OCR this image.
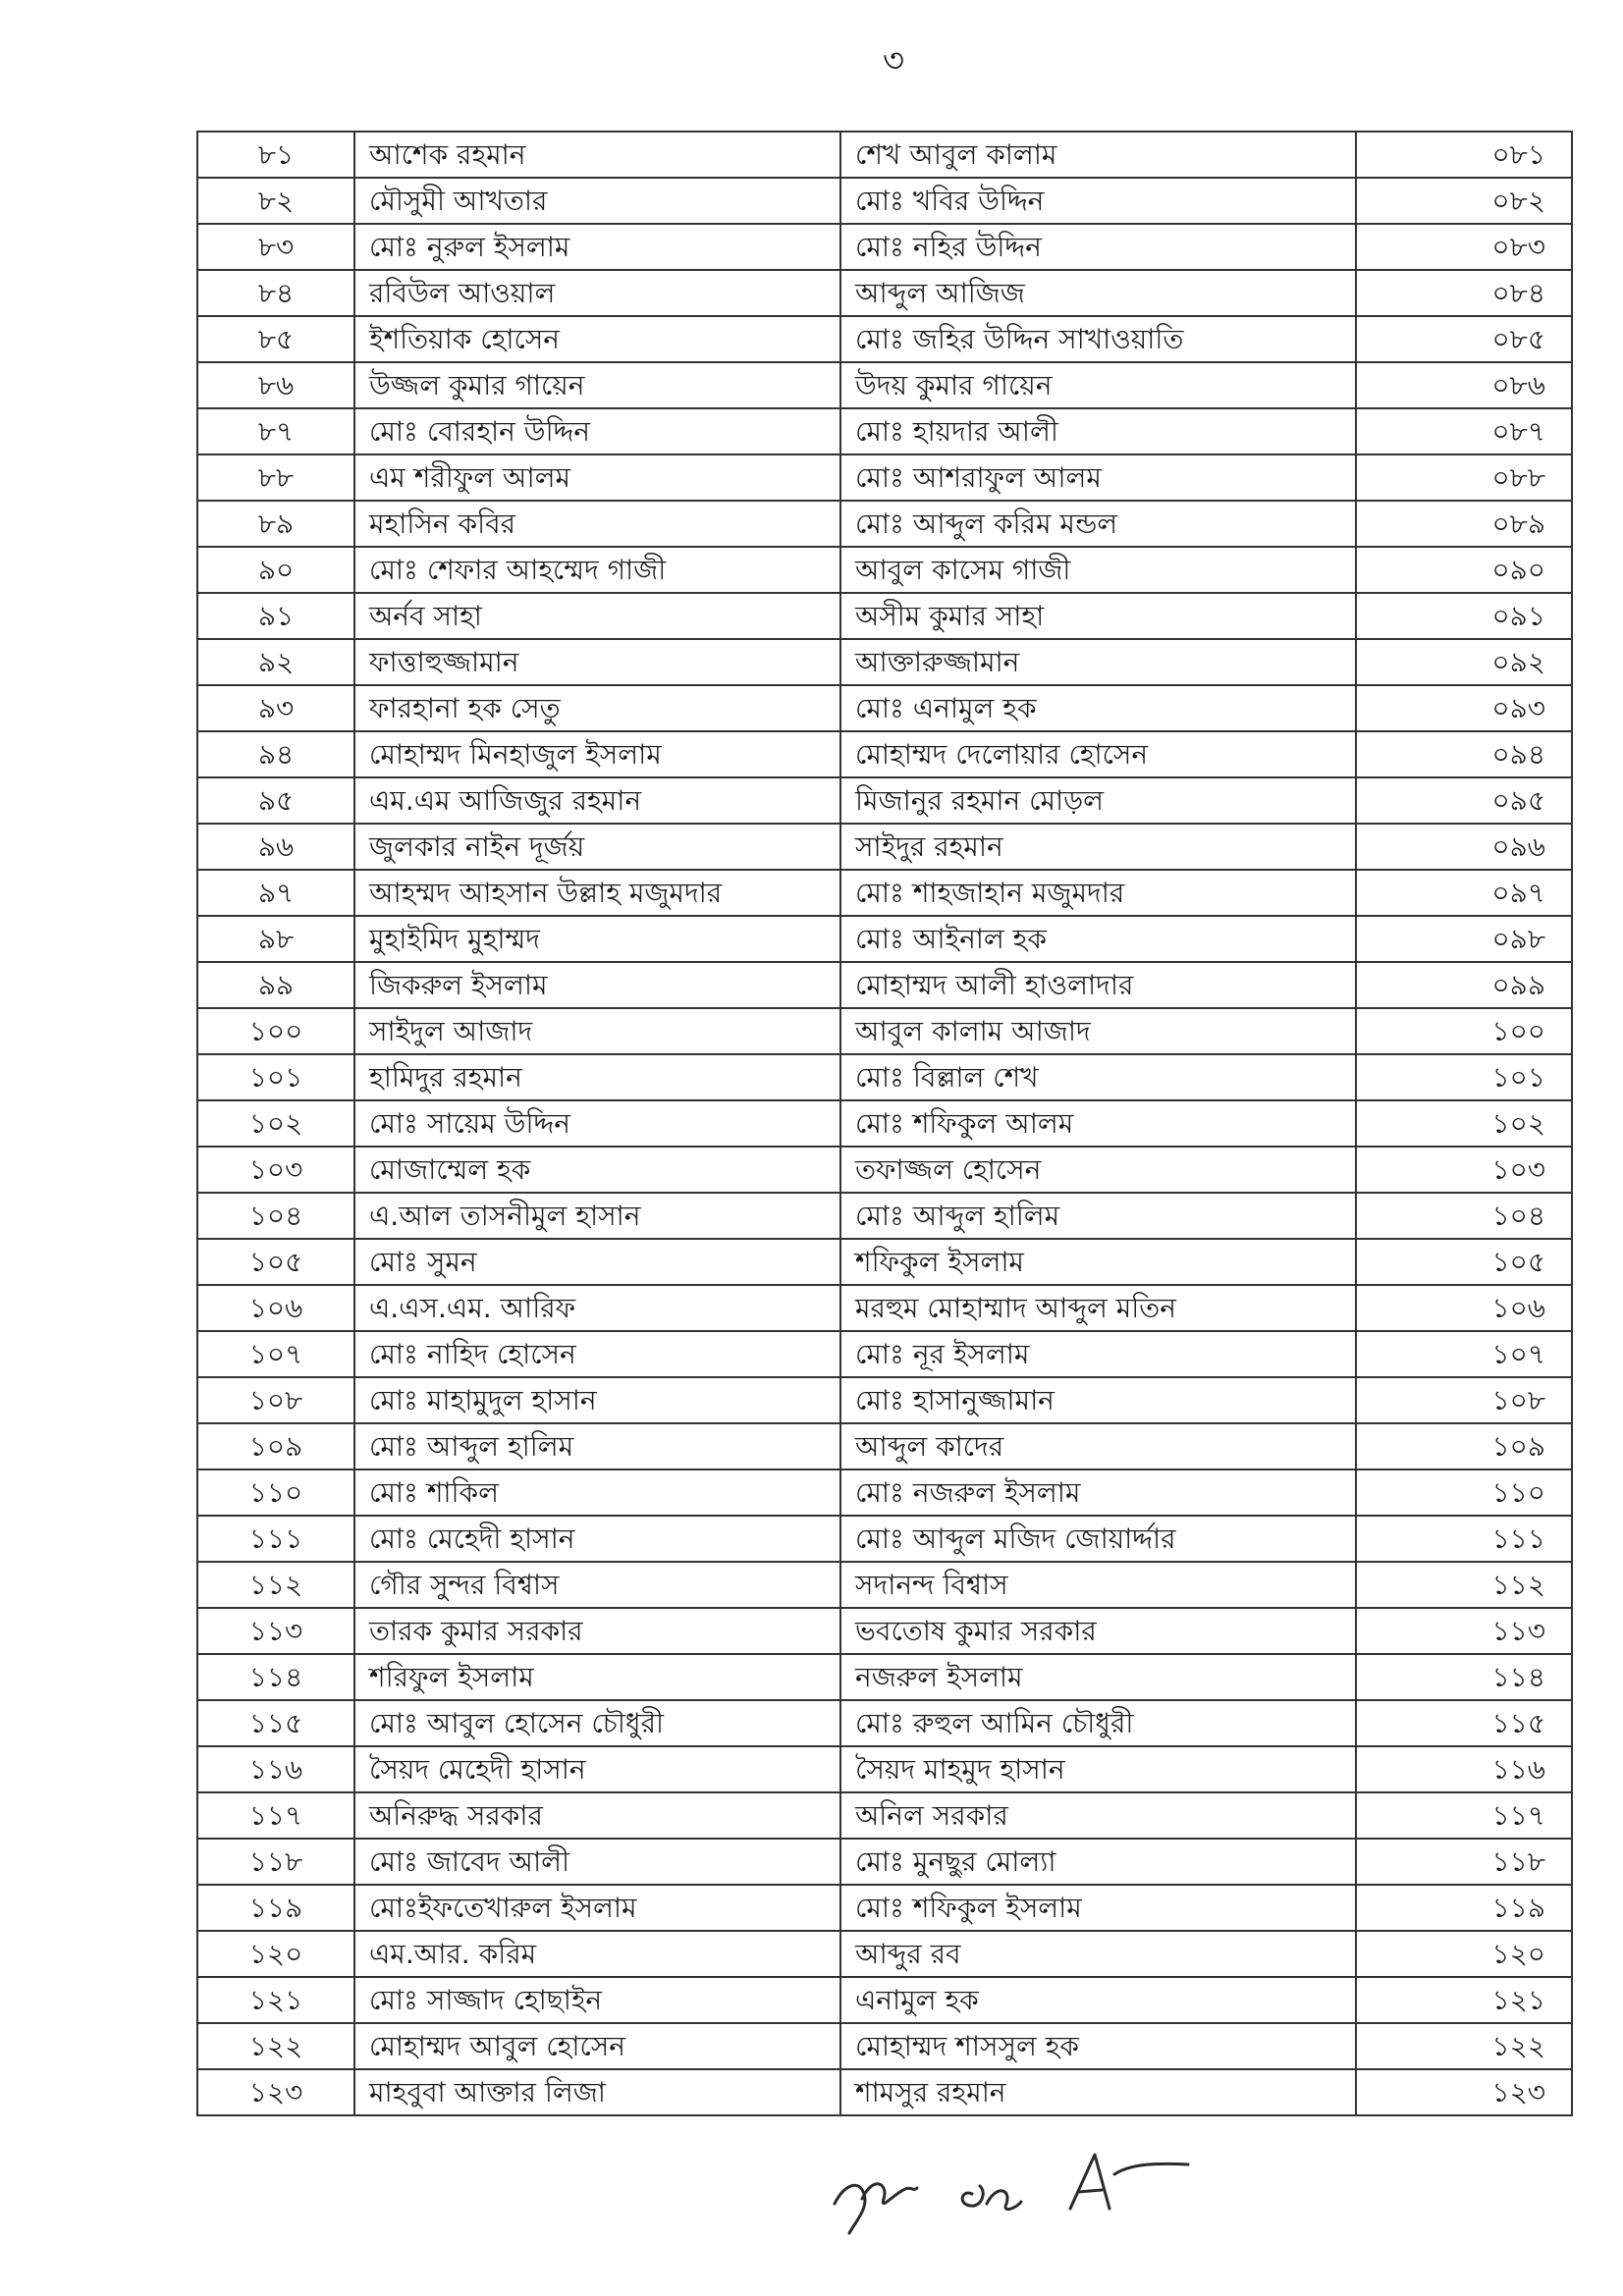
৩
৮১	আশেক রহমান	শেখ আবুল কালাম	০৮১
৮২	মৌসুমী আখতার	মোঃ খবির উদ্দিন	০৮২
৮৩	মোঃ নুরুল ইসলাম	মোঃ নহির উদ্দিন	০৮৩
৮৪	রবিউল আওয়াল	আব্দুল আজিজ	০৮৪
৮৫	ইশতিয়াক হোসেন	মোঃ জহির উদ্দিন সাখাওয়াতি	০৮৫
৮৬	উজ্জল কুমার গায়েন	উদয় কুমার গায়েন	০৮৬
৮৭	মোঃ বোরহান উদ্দিন	মোঃ হায়দার আলী	০৮৭
৮৮	এম শরীফুল আলম	মোঃ আশরাফুল আলম	০৮৮
৮৯	মহাসিন কবির	মোঃ আব্দুল করিম মন্ডল	০৮৯
৯০	মোঃ শেফার আহম্মেদ গাজী	আবুল কাসেম গাজী	০৯০
৯১	অর্নব সাহা	অসীম কুমার সাহা	০৯১
৯২	ফাত্তাহুজ্জামান	আক্তারুজ্জামান	০৯২
৯৩	ফারহানা হক সেতু	মোঃ এনামুল হক	০৯৩
৯৪	মোহাম্মদ মিনহাজুল ইসলাম	মোহাম্মদ দেলোয়ার হোসেন	০৯৪
৯৫	এম.এম আজিজুর রহমান	মিজানুর রহমান মোড়ল	০৯৫
৯৬	জুলকার নাইন দূর্জয়	সাইদুর রহমান	০৯৬
৯৭	আহম্মদ আহসান উল্লাহ মজুমদার	মোঃ শাহজাহান মজুমদার	০৯৭
৯৮	মুহাইমিদ মুহাম্মদ	মোঃ আইনাল হক	০৯৮
৯৯	জিকরুল ইসলাম	মোহাম্মদ আলী হাওলাদার	০৯৯
১০০	সাইদুল আজাদ	আবুল কালাম আজাদ	১০০
১০১	হামিদুর রহমান	মোঃ বিল্লাল শেখ	১০১
১০২	মোঃ সায়েম উদ্দিন	মোঃ শফিকুল আলম	১০২
১০৩	মোজাম্মেল হক	তফাজ্জল হোসেন	১০৩
১০৪	এ.আল তাসনীমুল হাসান	মোঃ আব্দুল হালিম	১০৪
১০৫	মোঃ সুমন	শফিকুল ইসলাম	১০৫
১০৬	এ.এস.এম. আরিফ	মরহুম মোহাম্মাদ আব্দুল মতিন	১০৬
১০৭	মোঃ নাহিদ হোসেন	মোঃ নূর ইসলাম	১০৭
১০৮	মোঃ মাহামুদুল হাসান	মোঃ হাসানুজ্জামান	১০৮
১০৯	মোঃ আব্দুল হালিম	আব্দুল কাদের	১০৯
১১০	মোঃ শাকিল	মোঃ নজরুল ইসলাম	১১০
১১১	মোঃ মেহেদী হাসান	মোঃ আব্দুল মজিদ জোয়ার্দ্দার	১১১
১১২	গৌর সুন্দর বিশ্বাস	সদানন্দ বিশ্বাস	১১২
১১৩	তারক কুমার সরকার	ভবতোষ কুমার সরকার	১১৩
১১৪	শরিফুল ইসলাম	নজরুল ইসলাম	১১৪
১১৫	মোঃ আবুল হোসেন চৌধুরী	মোঃ রুহুল আমিন চৌধুরী	১১৫
১১৬	সৈয়দ মেহেদী হাসান	সৈয়দ মাহমুদ হাসান	১১৬
১১৭	অনিরুদ্ধ সরকার	অনিল সরকার	১১৭
১১৮	মোঃ জাবেদ আলী	মোঃ মুনছুর মোল্যা	১১৮
১১৯	মোঃইফতেখারুল ইসলাম	মোঃ শফিকুল ইসলাম	১১৯
১২০	এম.আর. করিম	আব্দুর রব	১২০
১২১	মোঃ সাজ্জাদ হোছাইন	এনামুল হক	১২১
১২২	মোহাম্মদ আবুল হোসেন	মোহাম্মদ শাসসুল হক	১২২
১২৩	মাহবুবা আক্তার লিজা	শামসুর রহমান	১২৩
